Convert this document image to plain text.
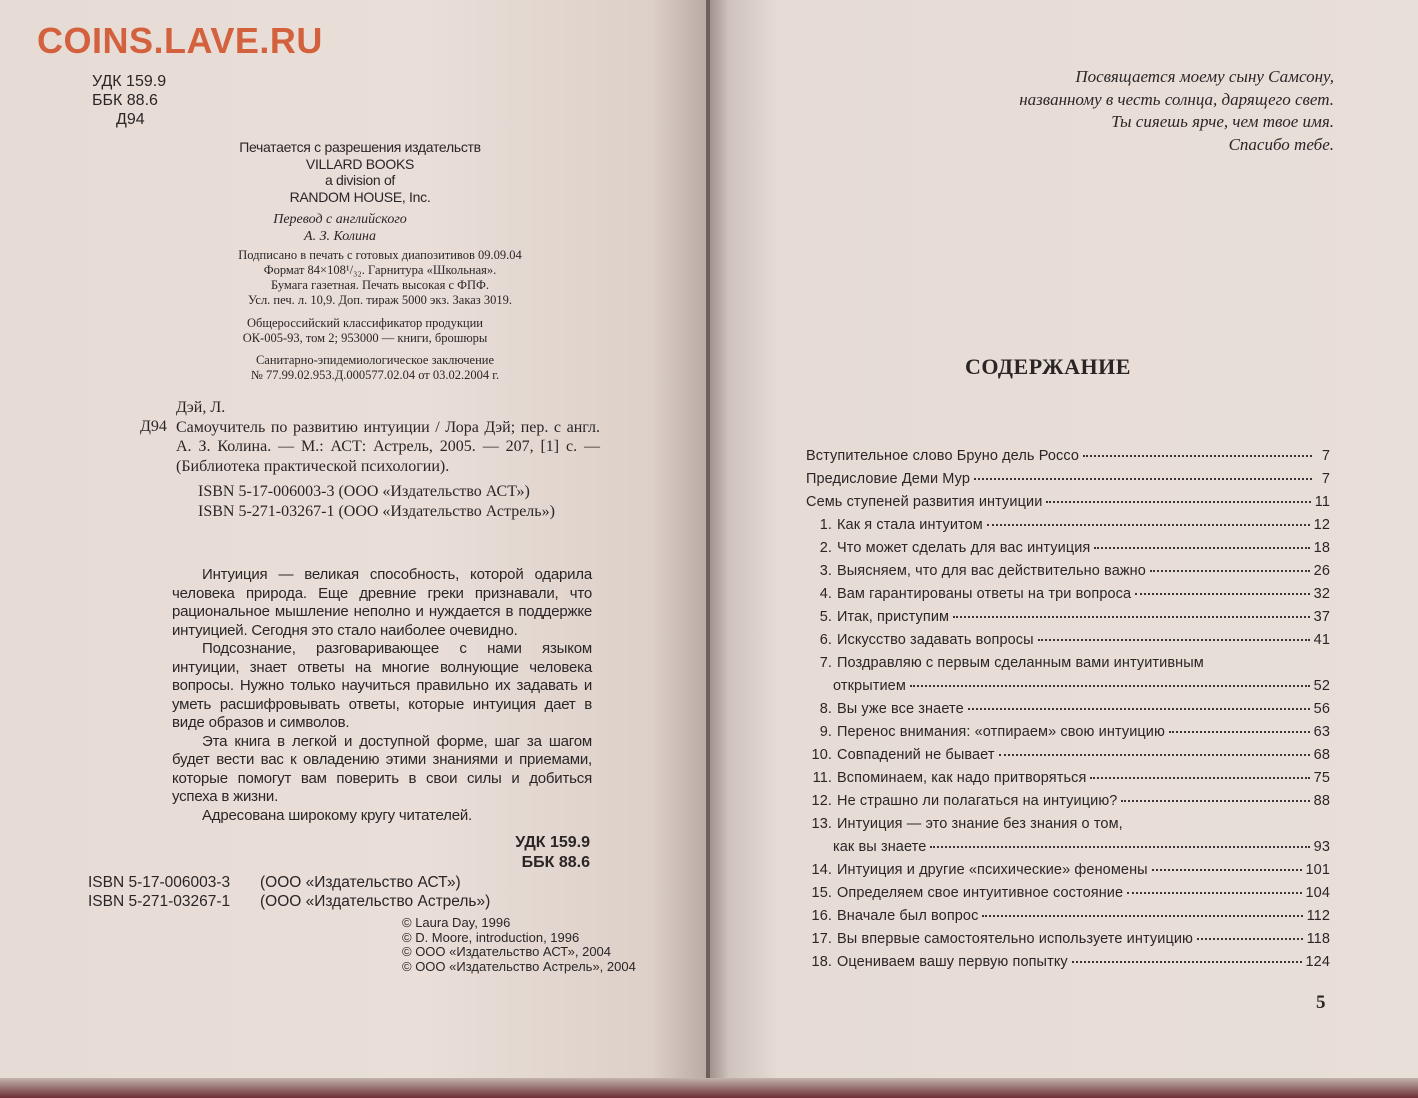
COINS.LAVE.RU
УДК 159.9
ББК 88.6
Д94
Печатается с разрешения издательств
VILLARD BOOKS
a division of
RANDOM HOUSE, Inc.
Перевод с английского
А. З. Колина
Подписано в печать с готовых диапозитивов 09.09.04
Формат 84×108¹/₃₂. Гарнитура «Школьная».
Бумага газетная. Печать высокая с ФПФ.
Усл. печ. л. 10,9. Доп. тираж 5000 экз. Заказ 3019.
Общероссийский классификатор продукции
ОК-005-93, том 2; 953000 — книги, брошюры
Санитарно-эпидемиологическое заключение
№ 77.99.02.953.Д.000577.02.04 от 03.02.2004 г.
Дэй, Л.
Д94 Самоучитель по развитию интуиции / Лора Дэй; пер. с англ. А. З. Колина. — М.: АСТ: Астрель, 2005. — 207, [1] с. — (Библиотека практической психологии).
ISBN 5-17-006003-3 (ООО «Издательство АСТ»)
ISBN 5-271-03267-1 (ООО «Издательство Астрель»)

Интуиция — великая способность, которой одарила человека природа. Еще древние греки признавали, что рациональное мышление неполно и нуждается в поддержке интуицией. Сегодня это стало наиболее очевидно.

Подсознание, разговаривающее с нами языком интуиции, знает ответы на многие волнующие человека вопросы. Нужно только научиться правильно их задавать и уметь расшифровывать ответы, которые интуиция дает в виде образов и символов.

Эта книга в легкой и доступной форме, шаг за шагом будет вести вас к овладению этими знаниями и приемами, которые помогут вам поверить в свои силы и добиться успеха в жизни.

Адресована широкому кругу читателей.

УДК 159.9
ББК 88.6
ISBN 5-17-006003-3 (ООО «Издательство АСТ»)
ISBN 5-271-03267-1 (ООО «Издательство Астрель»)
© Laura Day, 1996
© D. Moore, introduction, 1996
© ООО «Издательство АСТ», 2004
© ООО «Издательство Астрель», 2004
Посвящается моему сыну Самсону,
названному в честь солнца, дарящего свет.
Ты сияешь ярче, чем твое имя.
Спасибо тебе.
СОДЕРЖАНИЕ
Вступительное слово Бруно дель Россо	7
Предисловие Деми Мур	7
Семь ступеней развития интуиции	11
1. Как я стала интуитом	12
2. Что может сделать для вас интуиция	18
3. Выясняем, что для вас действительно важно	26
4. Вам гарантированы ответы на три вопроса	32
5. Итак, приступим	37
6. Искусство задавать вопросы	41
7. Поздравляю с первым сделанным вами интуитивным
открытием	52
8. Вы уже все знаете	56
9. Перенос внимания: «отпираем» свою интуицию	63
10. Совпадений не бывает	68
11. Вспоминаем, как надо притворяться	75
12. Не страшно ли полагаться на интуицию?	88
13. Интуиция — это знание без знания о том,
как вы знаете	93
14. Интуиция и другие «психические» феномены	101
15. Определяем свое интуитивное состояние	104
16. Вначале был вопрос	112
17. Вы впервые самостоятельно используете интуицию	118
18. Оцениваем вашу первую попытку	124
5
